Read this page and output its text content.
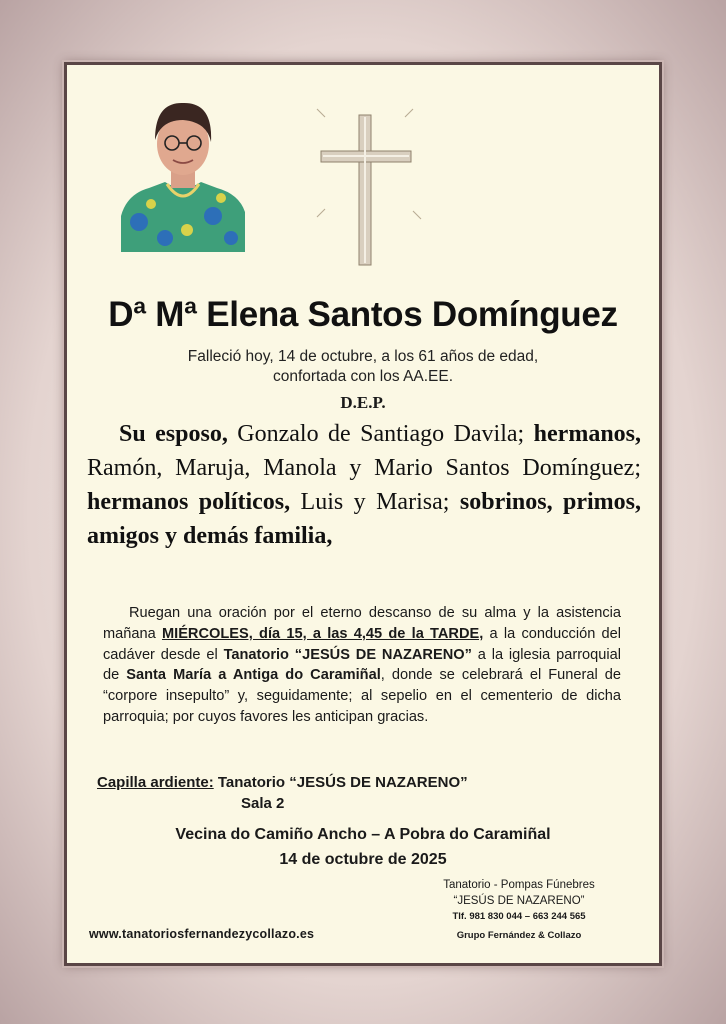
Dª Mª Elena Santos Domínguez
Falleció hoy, 14 de octubre, a los 61 años de edad,
confortada con los AA.EE.
D.E.P.
Su esposo, Gonzalo de Santiago Davila; hermanos, Ramón, Maruja, Manola y Mario Santos Domínguez; hermanos políticos, Luis y Marisa; sobrinos, primos, amigos y demás familia,
Ruegan una oración por el eterno descanso de su alma y la asistencia mañana MIÉRCOLES, día 15, a las 4,45 de la TARDE, a la conducción del cadáver desde el Tanatorio “JESÚS DE NAZARENO” a la iglesia parroquial de Santa María a Antiga do Caramiñal, donde se celebrará el Funeral de “corpore insepulto” y, seguidamente; al sepelio en el cementerio de dicha parroquia; por cuyos favores les anticipan gracias.
Capilla ardiente: Tanatorio “JESÚS DE NAZARENO”
Sala 2
Vecina do Camiño Ancho – A Pobra do Caramiñal
14 de octubre de 2025
Tanatorio - Pompas Fúnebres
“JESÚS DE NAZARENO”
Tlf. 981 830 044 – 663 244 565
Grupo Fernández & Collazo
www.tanatoriosfernandezycollazo.es
